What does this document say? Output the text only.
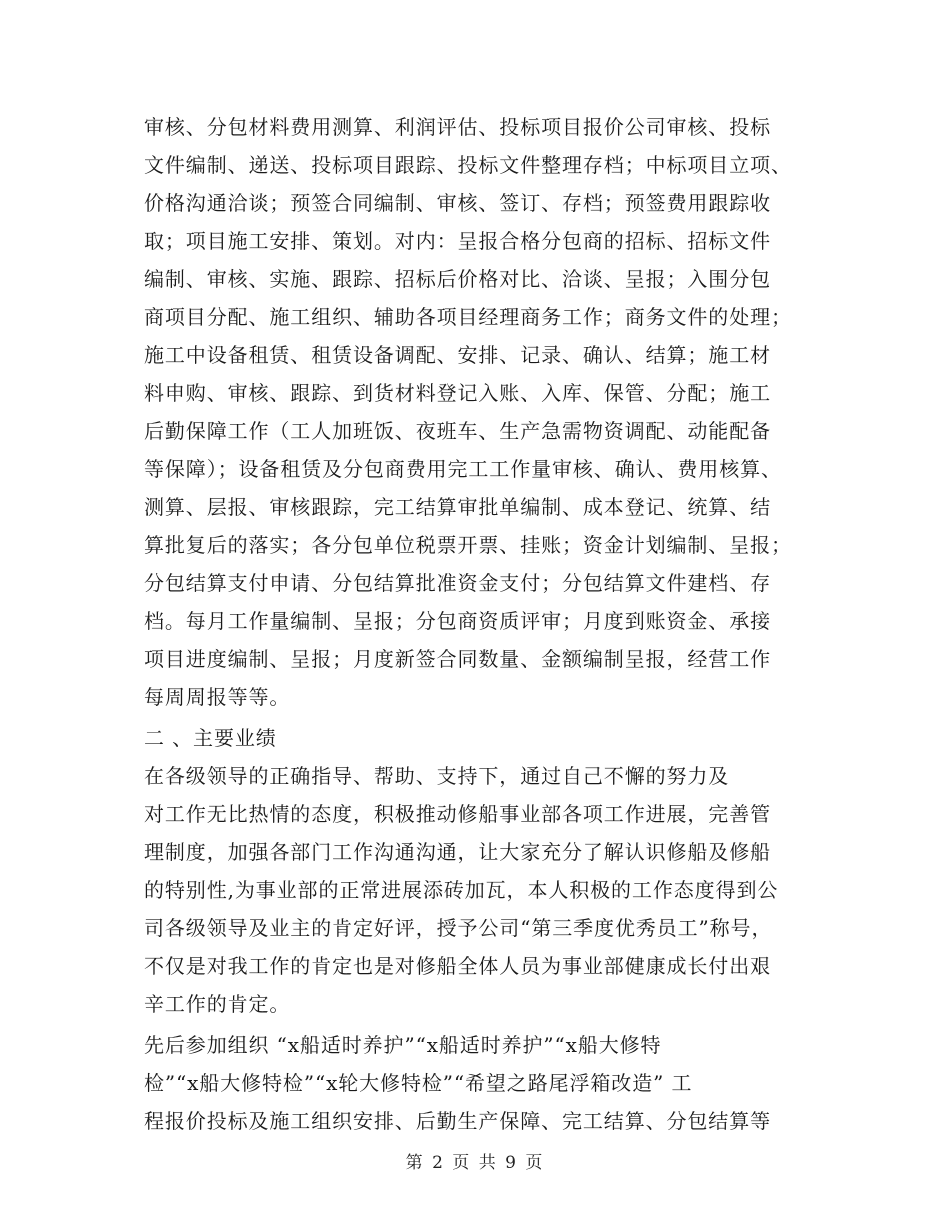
审核、分包材料费用测算、利润评估、投标项目报价公司审核、投标
文件编制、递送、投标项目跟踪、投标文件整理存档；中标项目立项、
价格沟通洽谈；预签合同编制、审核、签订、存档；预签费用跟踪收
取；项目施工安排、策划。对内：呈报合格分包商的招标、招标文件
编制、审核、实施、跟踪、招标后价格对比、洽谈、呈报；入围分包
商项目分配、施工组织、辅助各项目经理商务工作；商务文件的处理；
施工中设备租赁、租赁设备调配、安排、记录、确认、结算；施工材
料申购、审核、跟踪、到货材料登记入账、入库、保管、分配；施工
后勤保障工作（工人加班饭、夜班车、生产急需物资调配、动能配备
等保障）；设备租赁及分包商费用完工工作量审核、确认、费用核算、
测算、层报、审核跟踪，完工结算审批单编制、成本登记、统算、结
算批复后的落实；各分包单位税票开票、挂账；资金计划编制、呈报；
分包结算支付申请、分包结算批准资金支付；分包结算文件建档、存
档。每月工作量编制、呈报；分包商资质评审；月度到账资金、承接
项目进度编制、呈报；月度新签合同数量、金额编制呈报，经营工作
每周周报等等。
二 、主要业绩
在各级领导的正确指导、帮助、支持下，通过自己不懈的努力及
对工作无比热情的态度，积极推动修船事业部各项工作进展，完善管
理制度，加强各部门工作沟通沟通，让大家充分了解认识修船及修船
的特别性,为事业部的正常进展添砖加瓦，本人积极的工作态度得到公
司各级领导及业主的肯定好评，授予公司“第三季度优秀员工”称号，
不仅是对我工作的肯定也是对修船全体人员为事业部健康成长付出艰
辛工作的肯定。
先后参加组织 “x船适时养护”“x船适时养护”“x船大修特
检”“x船大修特检”“x轮大修特检”“希望之路尾浮箱改造” 工
程报价投标及施工组织安排、后勤生产保障、完工结算、分包结算等
第 2 页 共 9 页
